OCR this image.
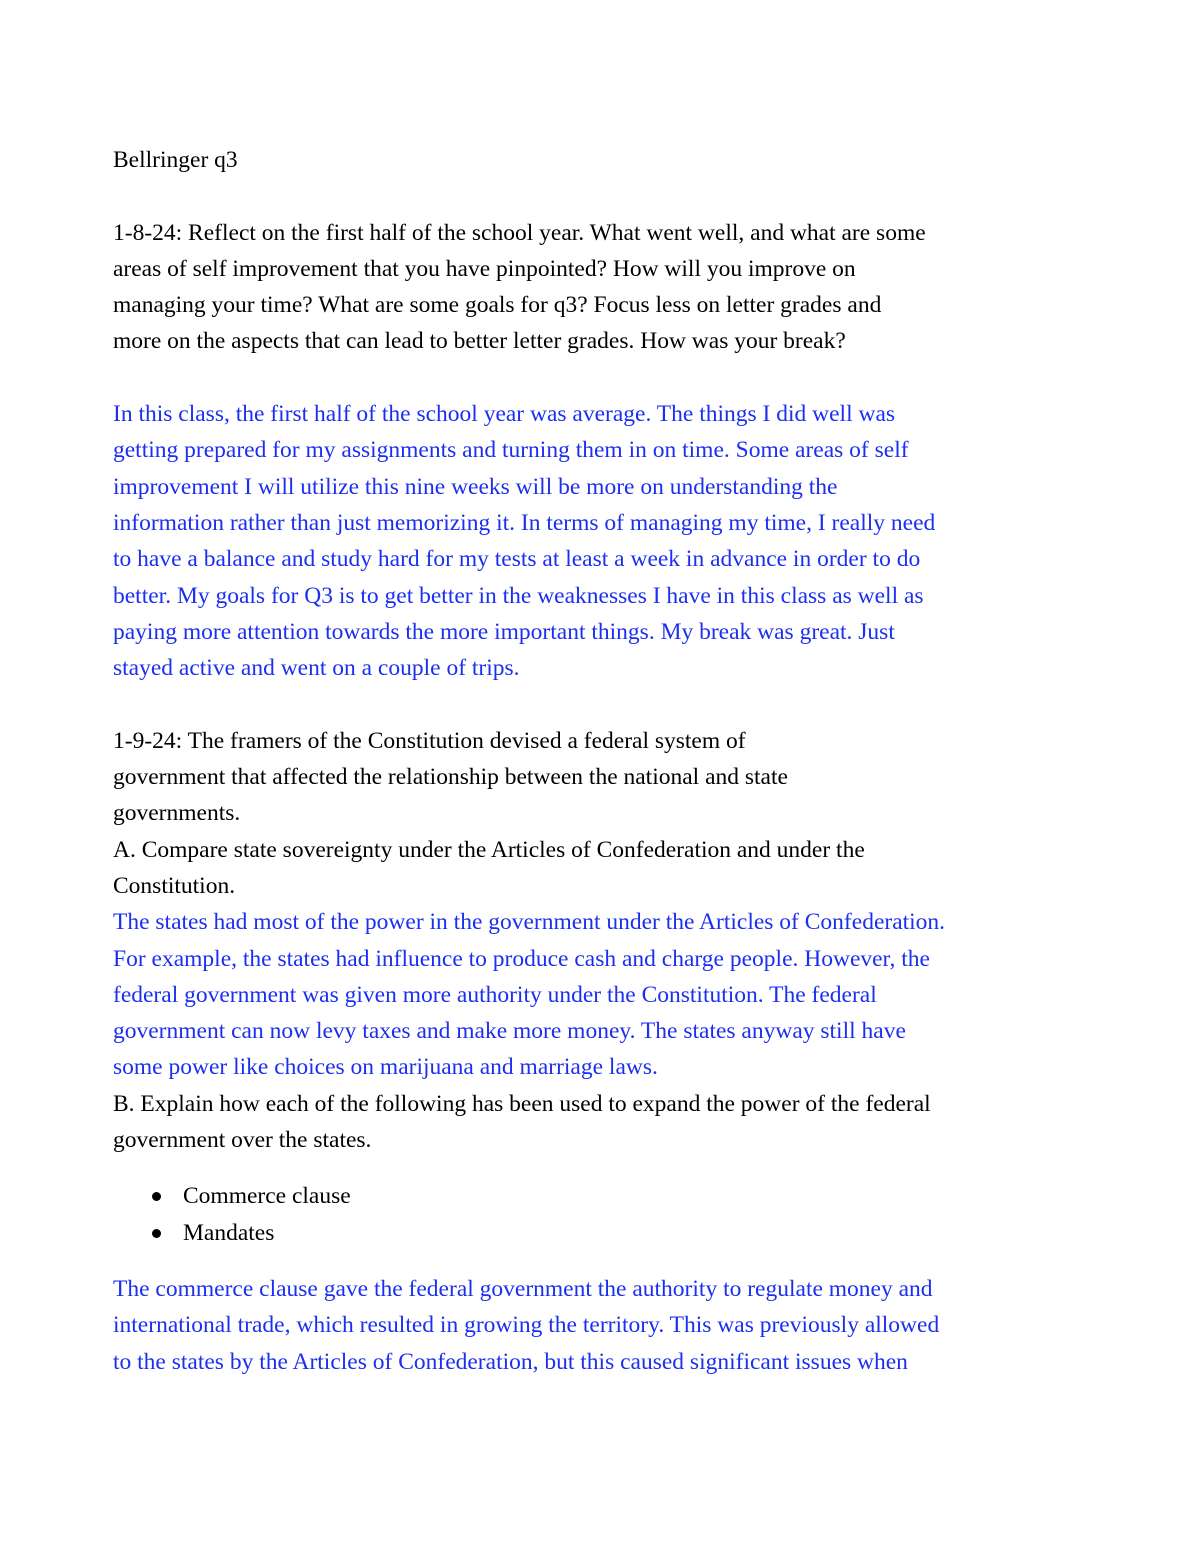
Bellringer q3

1-8-24: Reflect on the first half of the school year. What went well, and what are some
areas of self improvement that you have pinpointed? How will you improve on
managing your time? What are some goals for q3? Focus less on letter grades and
more on the aspects that can lead to better letter grades. How was your break?

In this class, the first half of the school year was average. The things I did well was
getting prepared for my assignments and turning them in on time. Some areas of self
improvement I will utilize this nine weeks will be more on understanding the
information rather than just memorizing it. In terms of managing my time, I really need
to have a balance and study hard for my tests at least a week in advance in order to do
better. My goals for Q3 is to get better in the weaknesses I have in this class as well as
paying more attention towards the more important things. My break was great. Just
stayed active and went on a couple of trips.

1-9-24: The framers of the Constitution devised a federal system of
government that affected the relationship between the national and state
governments.

A. Compare state sovereignty under the Articles of Confederation and under the
Constitution.

The states had most of the power in the government under the Articles of Confederation.
For example, the states had influence to produce cash and charge people. However, the
federal government was given more authority under the Constitution. The federal
government can now levy taxes and make more money. The states anyway still have
some power like choices on marijuana and marriage laws.

B. Explain how each of the following has been used to expand the power of the federal
government over the states.

Commerce clause
Mandates

The commerce clause gave the federal government the authority to regulate money and
international trade, which resulted in growing the territory. This was previously allowed
to the states by the Articles of Confederation, but this caused significant issues when
